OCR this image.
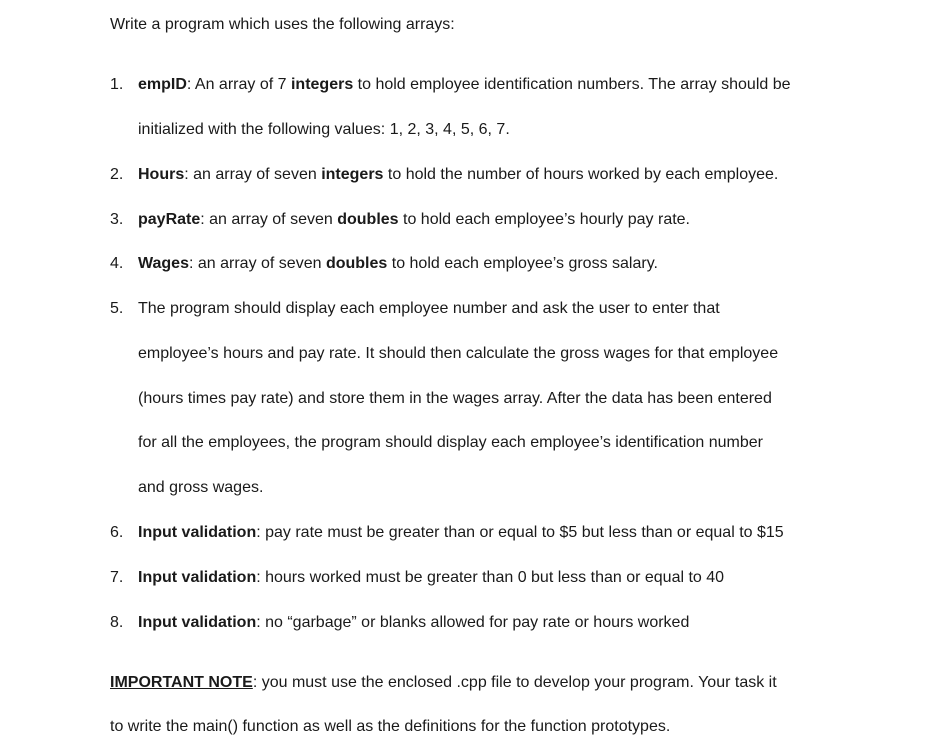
Write a program which uses the following arrays:
1. empID: An array of 7 integers to hold employee identification numbers. The array should be
initialized with the following values: 1, 2, 3, 4, 5, 6, 7.
2. Hours: an array of seven integers to hold the number of hours worked by each employee.
3. payRate: an array of seven doubles to hold each employee’s hourly pay rate.
4. Wages: an array of seven doubles to hold each employee’s gross salary.
5. The program should display each employee number and ask the user to enter that
employee’s hours and pay rate. It should then calculate the gross wages for that employee
(hours times pay rate) and store them in the wages array. After the data has been entered
for all the employees, the program should display each employee’s identification number
and gross wages.
6. Input validation: pay rate must be greater than or equal to $5 but less than or equal to $15
7. Input validation: hours worked must be greater than 0 but less than or equal to 40
8. Input validation: no “garbage” or blanks allowed for pay rate or hours worked
IMPORTANT NOTE: you must use the enclosed .cpp file to develop your program. Your task it
to write the main() function as well as the definitions for the function prototypes.
